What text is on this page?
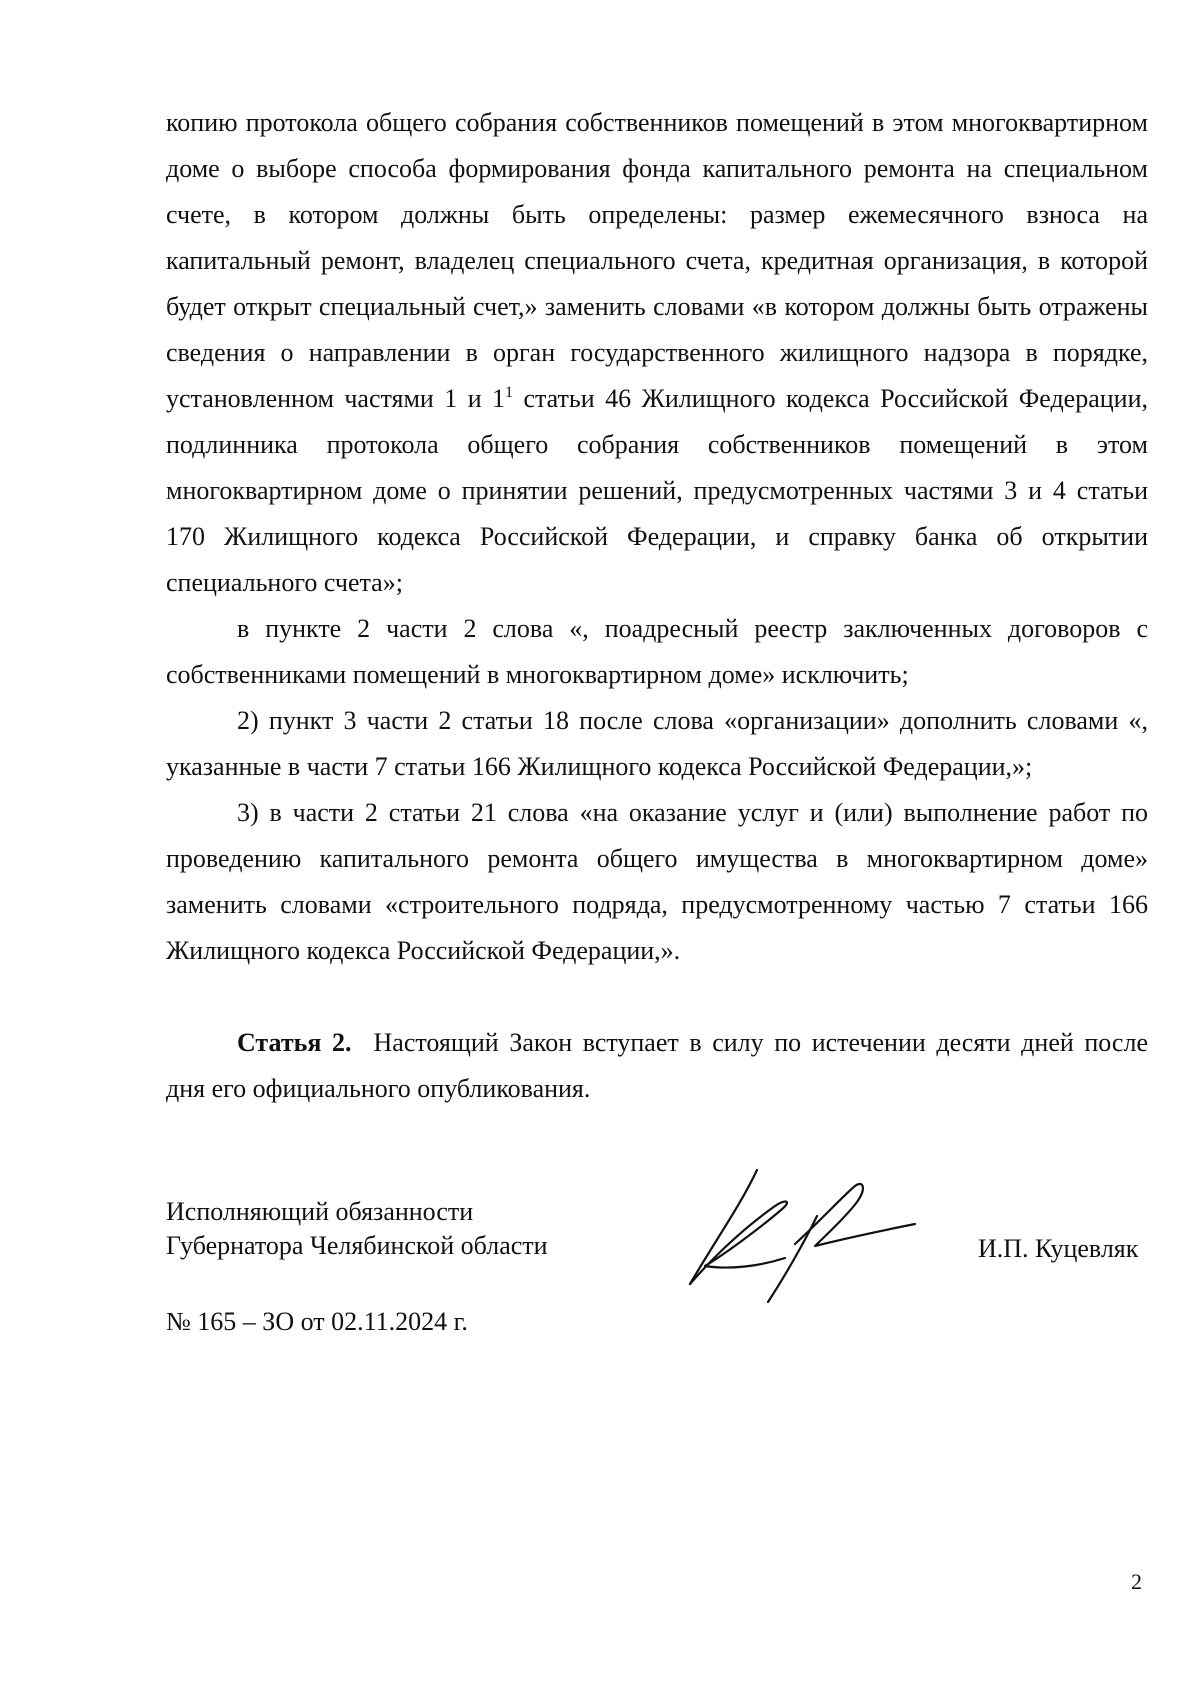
копию протокола общего собрания собственников помещений в этом многоквартирном доме о выборе способа формирования фонда капитального ремонта на специальном счете, в котором должны быть определены: размер ежемесячного взноса на капитальный ремонт, владелец специального счета, кредитная организация, в которой будет открыт специальный счет,» заменить словами «в котором должны быть отражены сведения о направлении в орган государственного жилищного надзора в порядке, установленном частями 1 и $1^1$ статьи 46 Жилищного кодекса Российской Федерации, подлинника протокола общего собрания собственников помещений в этом многоквартирном доме о принятии решений, предусмотренных частями 3 и 4 статьи 170 Жилищного кодекса Российской Федерации, и справку банка об открытии специального счета»;

в пункте 2 части 2 слова «, поадресный реестр заключенных договоров с собственниками помещений в многоквартирном доме» исключить;

2) пункт 3 части 2 статьи 18 после слова «организации» дополнить словами «, указанные в части 7 статьи 166 Жилищного кодекса Российской Федерации,»;

3) в части 2 статьи 21 слова «на оказание услуг и (или) выполнение работ по проведению капитального ремонта общего имущества в многоквартирном доме» заменить словами «строительного подряда, предусмотренному частью 7 статьи 166 Жилищного кодекса Российской Федерации,».

Статья 2. Настоящий Закон вступает в силу по истечении десяти дней после дня его официального опубликования.

Исполняющий обязанности
Губернатора Челябинской области	И.П. Куцевляк
№ 165 – ЗО от 02.11.2024 г.
2
